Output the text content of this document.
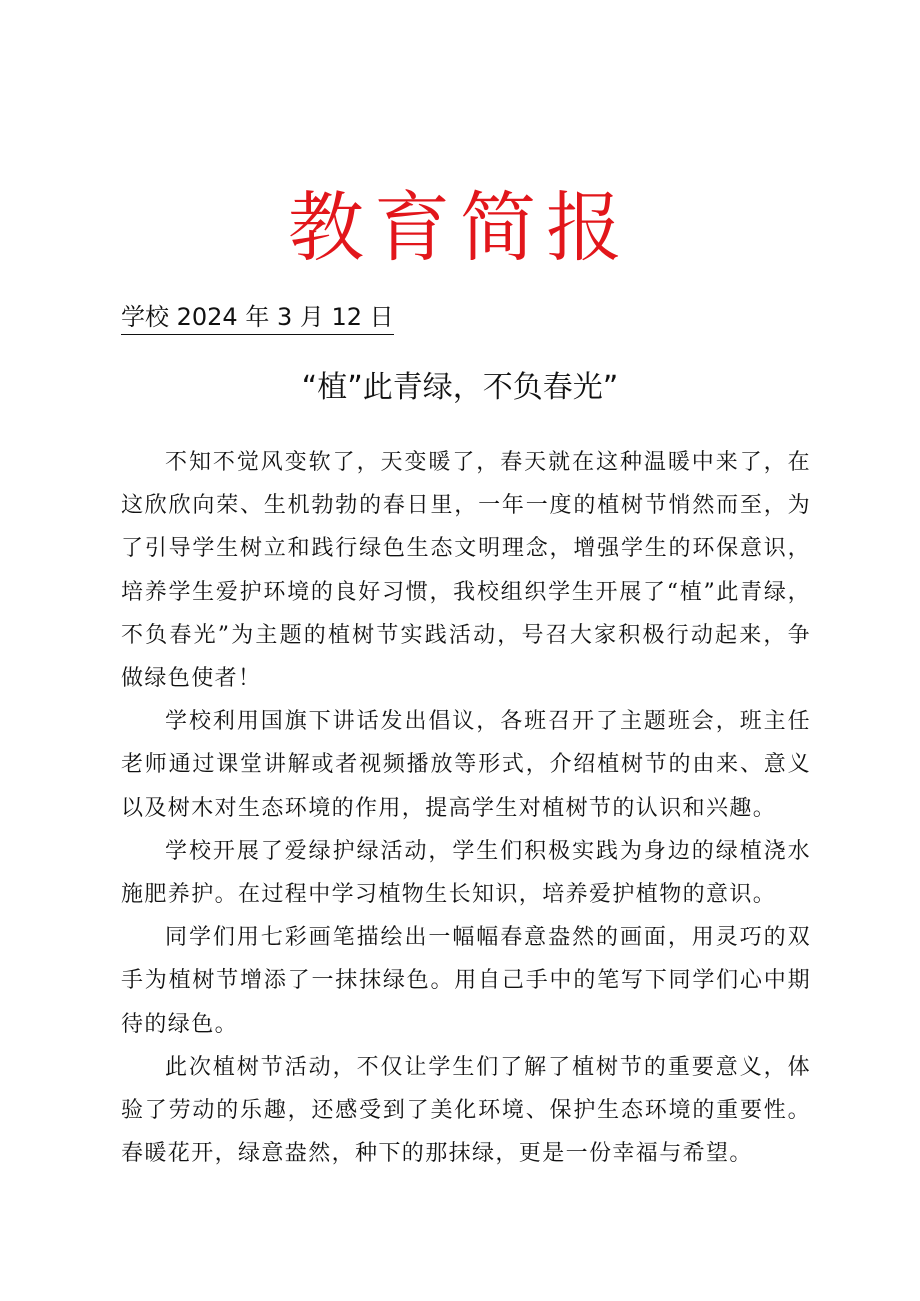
教育简报
学校 2024 年 3 月 12 日
“植”此青绿，不负春光”

不知不觉风变软了，天变暖了，春天就在这种温暖中来了，在这欣欣向荣、生机勃勃的春日里，一年一度的植树节悄然而至，为了引导学生树立和践行绿色生态文明理念，增强学生的环保意识，培养学生爱护环境的良好习惯，我校组织学生开展了“植”此青绿，不负春光”为主题的植树节实践活动，号召大家积极行动起来，争做绿色使者！

学校利用国旗下讲话发出倡议，各班召开了主题班会，班主任老师通过课堂讲解或者视频播放等形式，介绍植树节的由来、意义以及树木对生态环境的作用，提高学生对植树节的认识和兴趣。

学校开展了爱绿护绿活动，学生们积极实践为身边的绿植浇水施肥养护。在过程中学习植物生长知识，培养爱护植物的意识。

同学们用七彩画笔描绘出一幅幅春意盎然的画面，用灵巧的双手为植树节增添了一抹抹绿色。用自己手中的笔写下同学们心中期待的绿色。

此次植树节活动，不仅让学生们了解了植树节的重要意义，体验了劳动的乐趣，还感受到了美化环境、保护生态环境的重要性。春暖花开，绿意盎然，种下的那抹绿，更是一份幸福与希望。
